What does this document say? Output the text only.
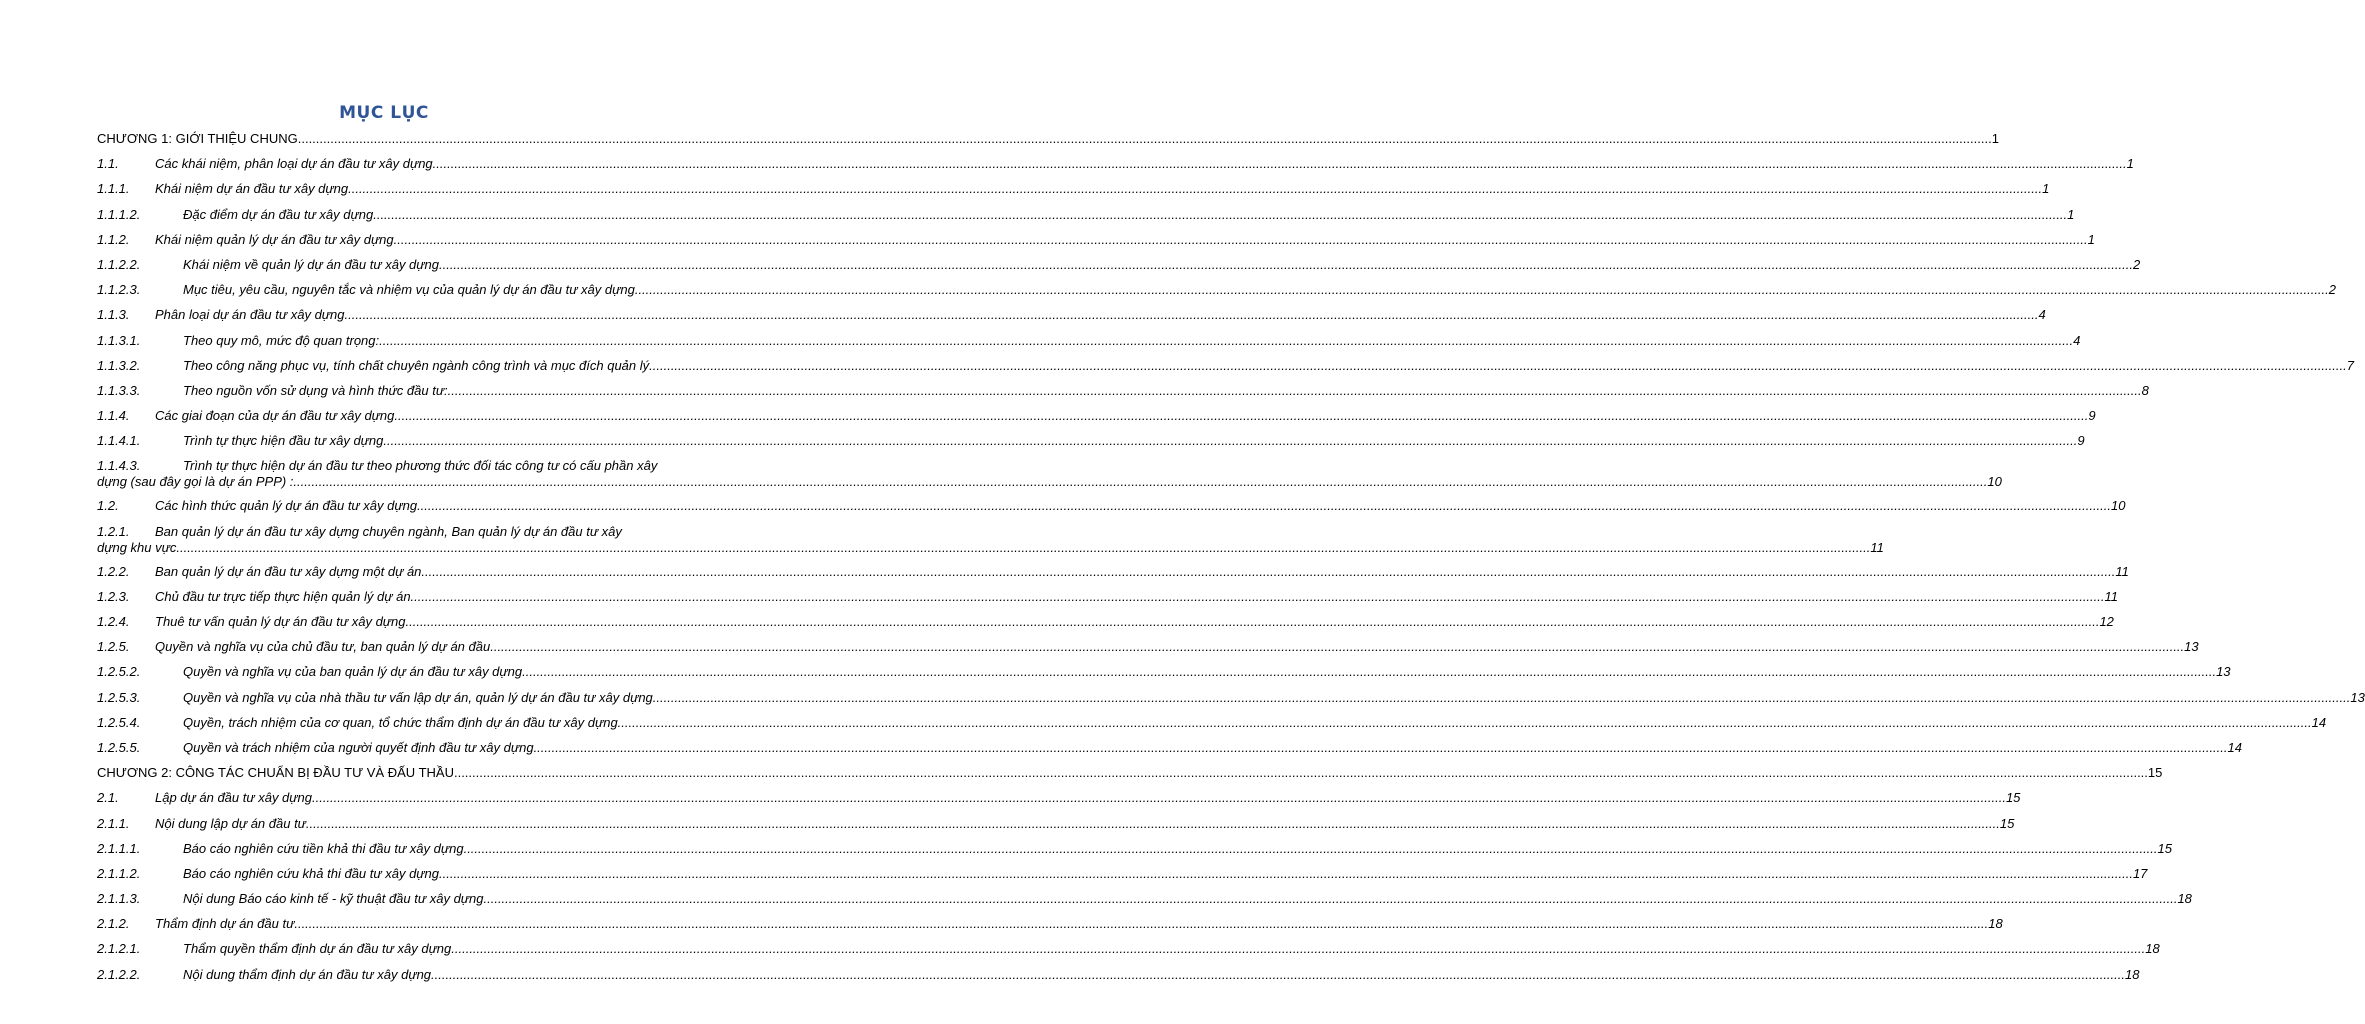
MỤC LỤC
CHƯƠNG 1: GIỚI THIỆU CHUNG .....	1
1.1.	Các khái niệm, phân loại dự án đầu tư xây dựng .....	1
1.1.1.	Khái niệm dự án đầu tư xây dựng .....	1
1.1.1.2.	Đặc điểm dự án đầu tư xây dựng .....	1
1.1.2.	Khái niệm quản lý dự án đầu tư xây dựng .....	1
1.1.2.2.	Khái niệm về quản lý dự án đầu tư xây dựng .....	2
1.1.2.3.	Mục tiêu, yêu cầu, nguyên tắc và nhiệm vụ của quản lý dự án đầu tư xây dựng .....	2
1.1.3.	Phân loại dự án đầu tư xây dựng .....	4
1.1.3.1.	Theo quy mô, mức độ quan trọng: .....	4
1.1.3.2.	Theo công năng phục vụ, tính chất chuyên ngành công trình và mục đích quản lý. .....	7
1.1.3.3.	Theo nguồn vốn sử dụng và hình thức đầu tư: .....	8
1.1.4.	Các giai đoạn của dự án đầu tư xây dựng .....	9
1.1.4.1.	Trình tự thực hiện đầu tư xây dựng .....	9
1.1.4.3.	Trình tự thực hiện dự án đầu tư theo phương thức đối tác công tư có cấu phần xây
dựng (sau đây gọi là dự án PPP) : .....	10
1.2.	Các hình thức quản lý dự án đầu tư xây dựng .....	10
1.2.1.	Ban quản lý dự án đầu tư xây dựng chuyên ngành, Ban quản lý dự án đầu tư xây
dựng khu vực .....	11
1.2.2.	Ban quản lý dự án đầu tư xây dựng một dự án .....	11
1.2.3.	Chủ đầu tư trực tiếp thực hiện quản lý dự án .....	11
1.2.4.	Thuê tư vấn quản lý dự án đầu tư xây dựng .....	12
1.2.5.	Quyền và nghĩa vụ của chủ đầu tư, ban quản lý dự án đầu .....	13
1.2.5.2.	Quyền và nghĩa vụ của ban quản lý dự án đầu tư xây dựng .....	13
1.2.5.3.	Quyền và nghĩa vụ của nhà thầu tư vấn lập dự án, quản lý dự án đầu tư xây dựng. .....	13
1.2.5.4.	Quyền, trách nhiệm của cơ quan, tổ chức thẩm định dự án đầu tư xây dựng .....	14
1.2.5.5.	Quyền và trách nhiệm của người quyết định đầu tư xây dựng .....	14
CHƯƠNG 2: CÔNG TÁC CHUẨN BỊ ĐẦU TƯ VÀ ĐẤU THẦU .....	15
2.1.	Lập dự án đầu tư xây dựng .....	15
2.1.1.	Nội dung lập dự án đầu tư .....	15
2.1.1.1.	Báo cáo nghiên cứu tiền khả thi đầu tư xây dựng .....	15
2.1.1.2.	Báo cáo nghiên cứu khả thi đầu tư xây dựng .....	17
2.1.1.3.	Nội dung Báo cáo kinh tế - kỹ thuật đầu tư xây dựng .....	18
2.1.2.	Thẩm định dự án đầu tư .....	18
2.1.2.1.	Thẩm quyền thẩm định dự án đầu tư xây dựng .....	18
2.1.2.2.	Nội dung thẩm định dự án đầu tư xây dựng .....	18
